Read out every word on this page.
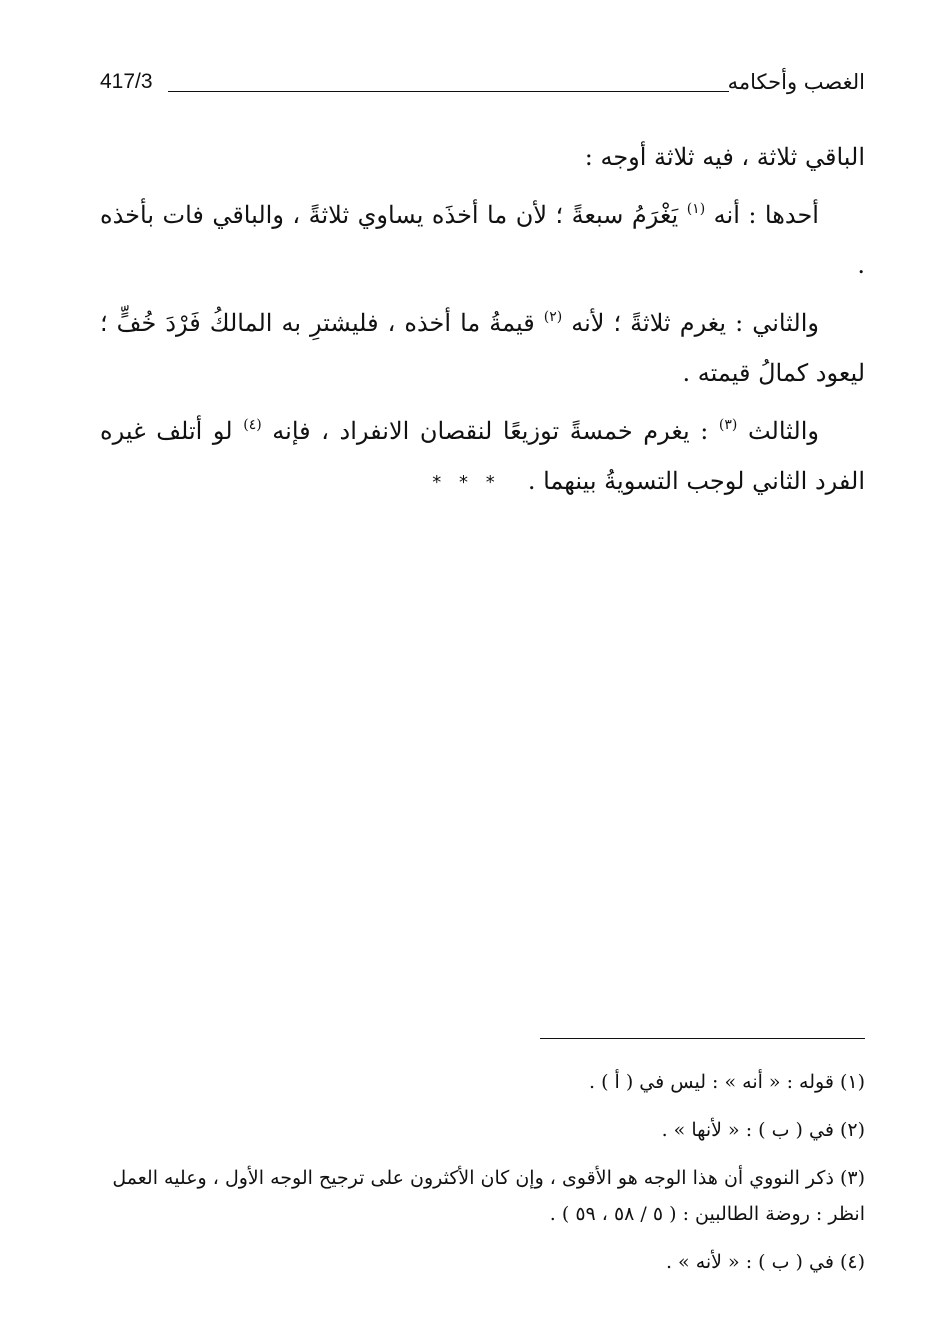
الغصب وأحكامه
417/3

الباقي ثلاثة ، فيه ثلاثة أوجه :

أحدها : أنه $^{(١)}$ يَغْرَمُ سبعةً ؛ لأن ما أخذَه يساوي ثلاثةً ، والباقي فات بأخذه .

والثاني : يغرم ثلاثةً ؛ لأنه $^{(٢)}$ قيمةُ ما أخذه ، فليشترِ به المالكُ فَرْدَ خُفٍّ ؛ ليعود كمالُ قيمته .

والثالث $^{(٣)}$ : يغرم خمسةً توزيعًا لنقصان الانفراد ، فإنه $^{(٤)}$ لو أتلف غيره الفرد الثاني لوجب التسويةُ بينهما .

* * *
(١) قوله : « أنه » : ليس في ( أ ) .
(٢) في ( ب ) : « لأنها » .
(٣) ذكر النووي أن هذا الوجه هو الأقوى ، وإن كان الأكثرون على ترجيح الوجه الأول ، وعليه العمل
انظر : روضة الطالبين : ( ٥ / ٥٨ ، ٥٩ ) .
(٤) في ( ب ) : « لأنه » .
